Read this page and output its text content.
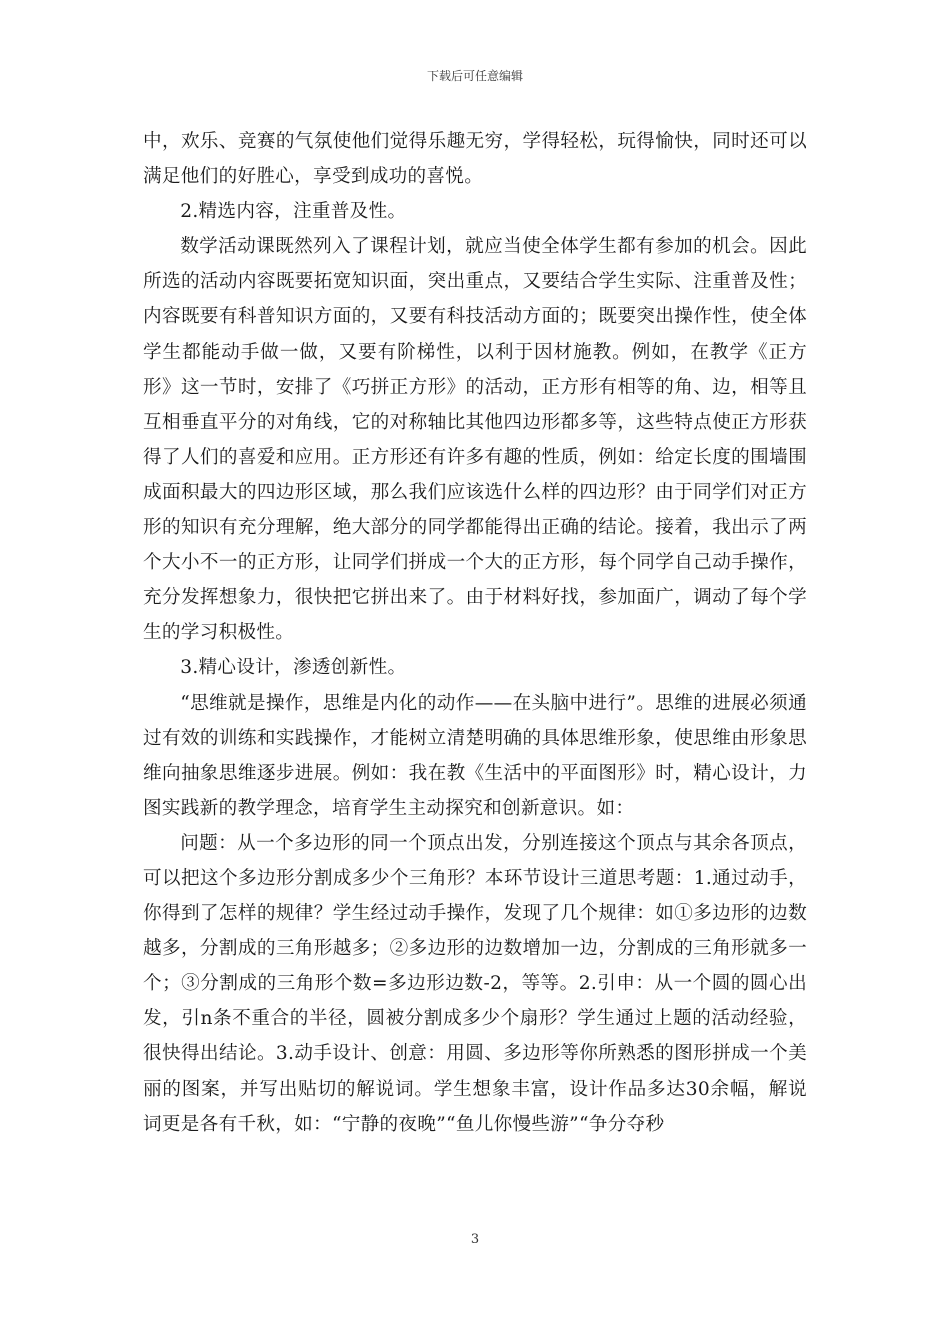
下载后可任意编辑

中，欢乐、竞赛的气氛使他们觉得乐趣无穷，学得轻松，玩得愉快，同时还可以满足他们的好胜心，享受到成功的喜悦。

2.精选内容，注重普及性。

数学活动课既然列入了课程计划，就应当使全体学生都有参加的机会。因此所选的活动内容既要拓宽知识面，突出重点，又要结合学生实际、注重普及性；内容既要有科普知识方面的，又要有科技活动方面的；既要突出操作性，使全体学生都能动手做一做，又要有阶梯性，以利于因材施教。例如，在教学《正方形》这一节时，安排了《巧拼正方形》的活动，正方形有相等的角、边，相等且互相垂直平分的对角线，它的对称轴比其他四边形都多等，这些特点使正方形获得了人们的喜爱和应用。正方形还有许多有趣的性质，例如：给定长度的围墙围成面积最大的四边形区域，那么我们应该选什么样的四边形？由于同学们对正方形的知识有充分理解，绝大部分的同学都能得出正确的结论。接着，我出示了两个大小不一的正方形，让同学们拼成一个大的正方形，每个同学自己动手操作，充分发挥想象力，很快把它拼出来了。由于材料好找，参加面广，调动了每个学生的学习积极性。

3.精心设计，渗透创新性。

“思维就是操作，思维是内化的动作——在头脑中进行”。思维的进展必须通过有效的训练和实践操作，才能树立清楚明确的具体思维形象，使思维由形象思维向抽象思维逐步进展。例如：我在教《生活中的平面图形》时，精心设计，力图实践新的教学理念，培育学生主动探究和创新意识。如：

问题：从一个多边形的同一个顶点出发，分别连接这个顶点与其余各顶点，可以把这个多边形分割成多少个三角形？本环节设计三道思考题：1.通过动手，你得到了怎样的规律？学生经过动手操作，发现了几个规律：如①多边形的边数越多，分割成的三角形越多；②多边形的边数增加一边，分割成的三角形就多一个；③分割成的三角形个数=多边形边数-2，等等。2.引申：从一个圆的圆心出发，引n条不重合的半径，圆被分割成多少个扇形？学生通过上题的活动经验，很快得出结论。3.动手设计、创意：用圆、多边形等你所熟悉的图形拼成一个美丽的图案，并写出贴切的解说词。学生想象丰富，设计作品多达30余幅，解说词更是各有千秋，如：“宁静的夜晚”“鱼儿你慢些游”“争分夺秒

3
